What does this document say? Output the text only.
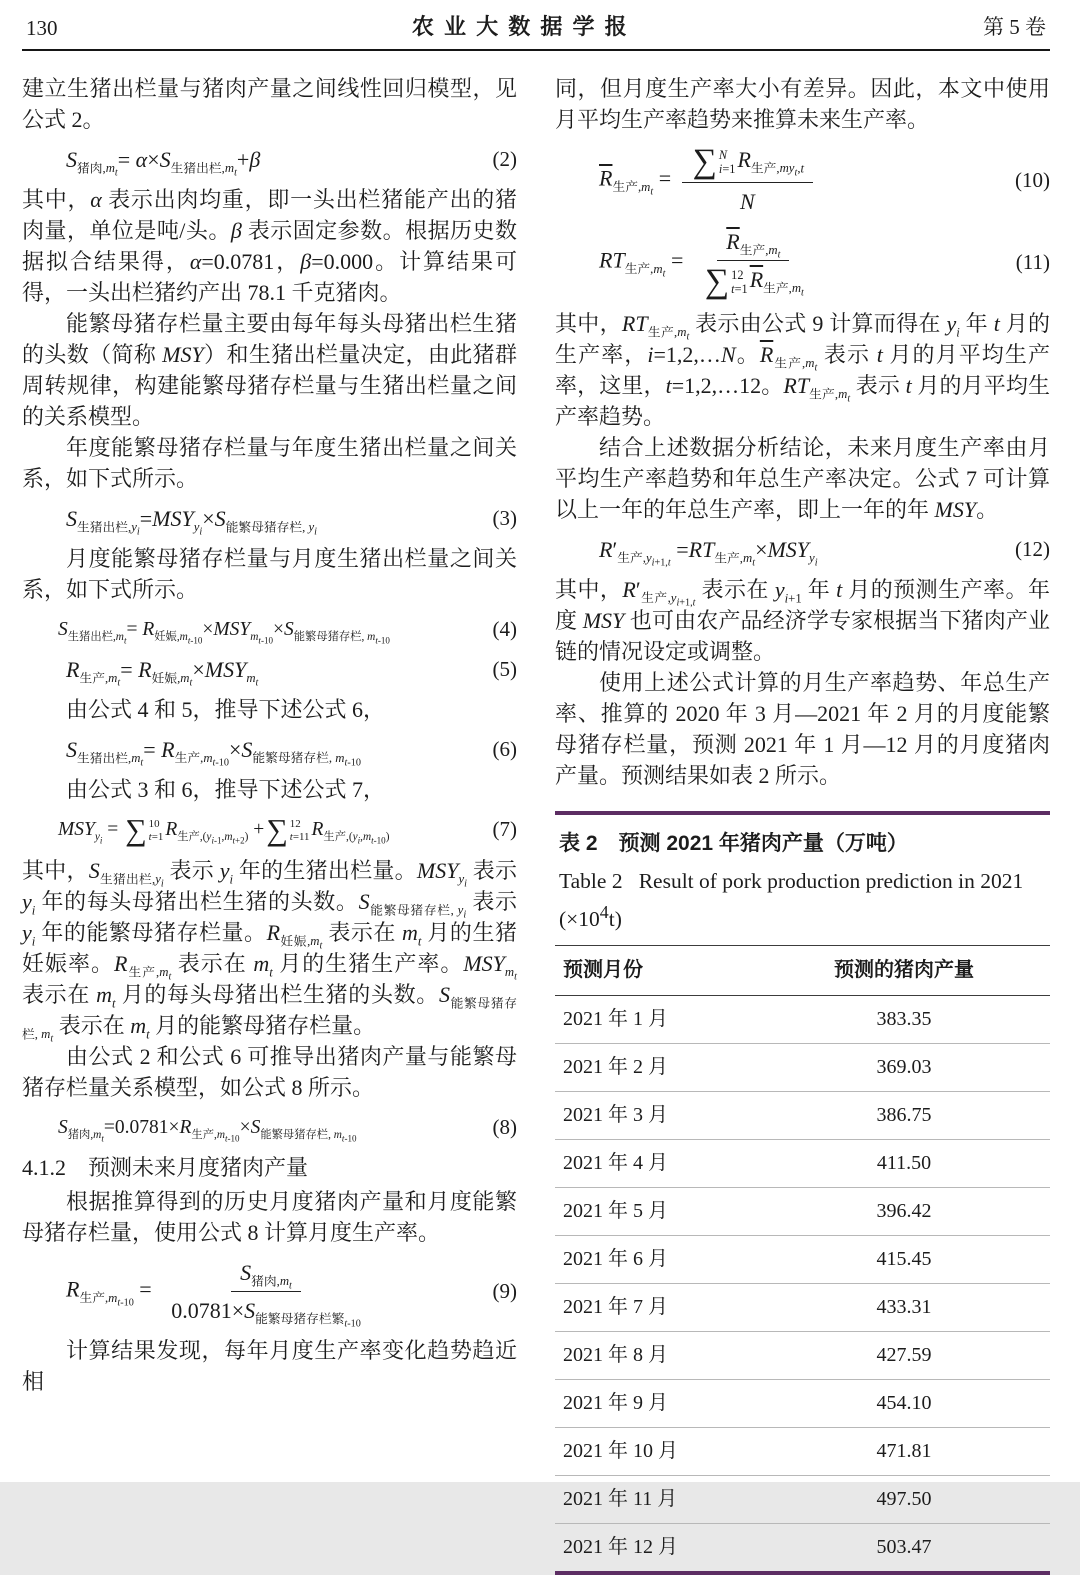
130	农 业 大 数 据 学 报	第 5 卷

建立生猪出栏量与猪肉产量之间线性回归模型，见公式 2。

$S_{猪肉,m_t}= \alpha\times S_{生猪出栏,m_t}+\beta$	(2)

其中，α 表示出肉均重，即一头出栏猪能产出的猪肉量，单位是吨/头。β 表示固定参数。根据历史数据拟合结果得，α=0.0781，β=0.000。计算结果可得，一头出栏猪约产出 78.1 千克猪肉。

能繁母猪存栏量主要由每年每头母猪出栏生猪的头数（简称 MSY）和生猪出栏量决定，由此猪群周转规律，构建能繁母猪存栏量与生猪出栏量之间的关系模型。

年度能繁母猪存栏量与年度生猪出栏量之间关系，如下式所示。

$S_{生猪出栏,y_i}=MSY_{y_i}\times S_{能繁母猪存栏, y_i}$
(3)

月度能繁母猪存栏量与月度生猪出栏量之间关系，如下式所示。

$S_{生猪出栏,m_t}= R_{妊娠,m_{t-10}}\times MSY_{m_{t-10}}\times S_{能繁母猪存栏, m_{t-10}}$	(4)
$R_{生产,m_t}= R_{妊娠,m_t}\times MSY_{m_t}$
(5)

由公式 4 和 5，推导下述公式 6，

$S_{生猪出栏,m_t}= R_{生产,m_{t-10}}\times S_{能繁母猪存栏, m_{t-10}}$
(6)

由公式 3 和 6，推导下述公式 7，

$MSY_{y_i}$ = ∑ 10
t=1 $R_{生产,(y_{i-1},m_{t+2})}$ + ∑ 12
t=11 $R_{生产,(y_i,m_{t-10})}$	(7)

其中，$S_{生猪出栏,y_i}$ 表示 $y_i$ 年的生猪出栏量。$MSY_{y_i}$ 表示 $y_i$ 年的每头母猪出栏生猪的头数。$S_{能繁母猪存栏, y_i}$ 表示 $y_i$ 年的能繁母猪存栏量。$R_{妊娠,m_t}$ 表示在 $m_t$ 月的生猪妊娠率。$R_{生产,m_t}$ 表示在 $m_t$ 月的生猪生产率。$MSY_{m_t}$ 表示在 $m_t$ 月的每头母猪出栏生猪的头数。$S_{能繁母猪存栏, m_t}$ 表示在 $m_t$ 月的能繁母猪存栏量。

由公式 2 和公式 6 可推导出猪肉产量与能繁母猪存栏量关系模型，如公式 8 所示。

$S_{猪肉,m_t}=0.0781\times R_{生产,m_{t-10}}\times S_{能繁母猪存栏, m_{t-10}}$	(8)
4.1.2　预测未来月度猪肉产量

根据推算得到的历史月度猪肉产量和月度能繁母猪存栏量，使用公式 8 计算月度生产率。

$R_{生产,m_{t-10}} = \frac{S_{猪肉,m_t}}{0.0781\times S_{能繁母猪存栏繁_{t-10}}}$	(9)

计算结果发现，每年月度生产率变化趋势趋近相

同，但月度生产率大小有差异。因此，本文中使用月平均生产率趋势来推算未来生产率。

$\overline{R}_{生产,m_t}$ = ∑ N
i=1 $R_{生产,my_t,t}$
N	(10)
$RT_{生产,m_t} = \overline{R}_{生产,m_t}$
∑ 12
t=1 $\overline{R}_{生产,m_t}$	(11)

其中，$RT_{生产,m_t}$ 表示由公式 9 计算而得在 $y_i$ 年 t 月的生产率，i=1,2,…N。$\overline{R}_{生产,m_t}$ 表示 t 月的月平均生产率，这里，t=1,2,…12。$RT_{生产,m_t}$ 表示 t 月的月平均生产率趋势。

结合上述数据分析结论，未来月度生产率由月平均生产率趋势和年总生产率决定。公式 7 可计算以上一年的年总生产率，即上一年的年 MSY。

$R'_{生产,y_{i+1,t}} =RT_{生产,m_t}\times MSY_{y_i}$
(12)

其中，$R'_{生产,y_{i+1,t}}$ 表示在 $y_{i+1}$ 年 t 月的预测生产率。年度 MSY 也可由农产品经济学专家根据当下猪肉产业链的情况设定或调整。

使用上述公式计算的月生产率趋势、年总生产率、推算的 2020 年 3 月—2021 年 2 月的月度能繁母猪存栏量，预测 2021 年 1 月—12 月的月度猪肉产量。预测结果如表 2 所示。

表 2　预测 2021 年猪肉产量（万吨）
Table 2   Result of pork production prediction in 2021 $(\times 10^4t)$
预测月份	预测的猪肉产量
2021 年 1 月	383.35
2021 年 2 月	369.03
2021 年 3 月	386.75
2021 年 4 月	411.50
2021 年 5 月	396.42
2021 年 6 月	415.45
2021 年 7 月	433.31
2021 年 8 月	427.59
2021 年 9 月	454.10
2021 年 10 月	471.81
2021 年 11 月	497.50
2021 年 12 月	503.47
